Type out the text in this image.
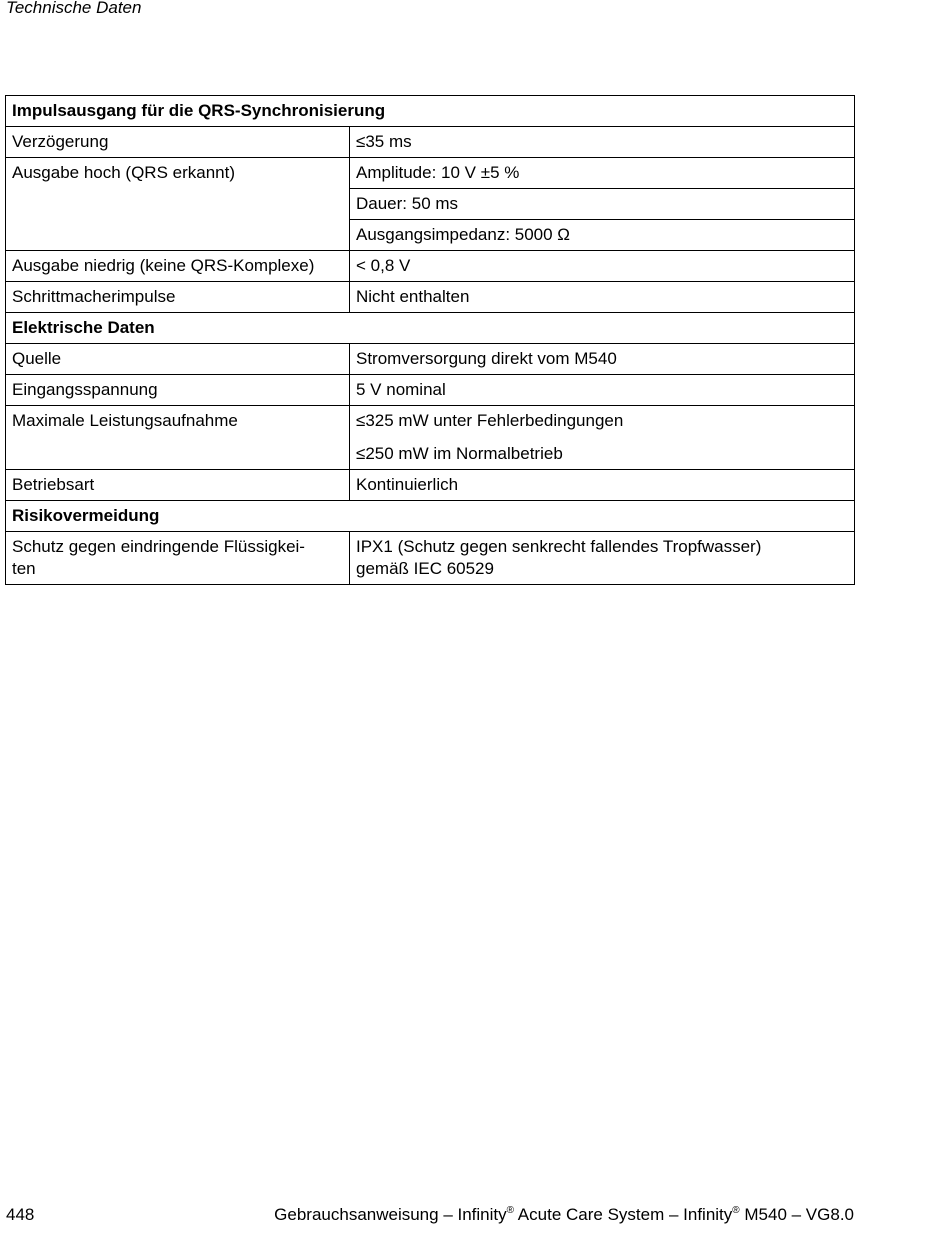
Technische Daten
Impulsausgang für die QRS-Synchronisierung	
Verzögerung	≤35 ms
Ausgabe hoch (QRS erkannt)	Amplitude: 10 V ±5 %
	Dauer: 50 ms
	Ausgangsimpedanz: 5000 Ω
Ausgabe niedrig (keine QRS-Komplexe)	< 0,8 V
Schrittmacherimpulse	Nicht enthalten
Elektrische Daten	
Quelle	Stromversorgung direkt vom M540
Eingangsspannung	5 V nominal
Maximale Leistungsaufnahme	≤325 mW unter Fehlerbedingungen
≤250 mW im Normalbetrieb

Betriebsart	Kontinuierlich
Risikovermeidung	
Schutz gegen eindringende Flüssigkei-
ten	IPX1 (Schutz gegen senkrecht fallendes Tropfwasser)
gemäß IEC 60529
448	Gebrauchsanweisung – Infinity® Acute Care System – Infinity® M540 – VG8.0
